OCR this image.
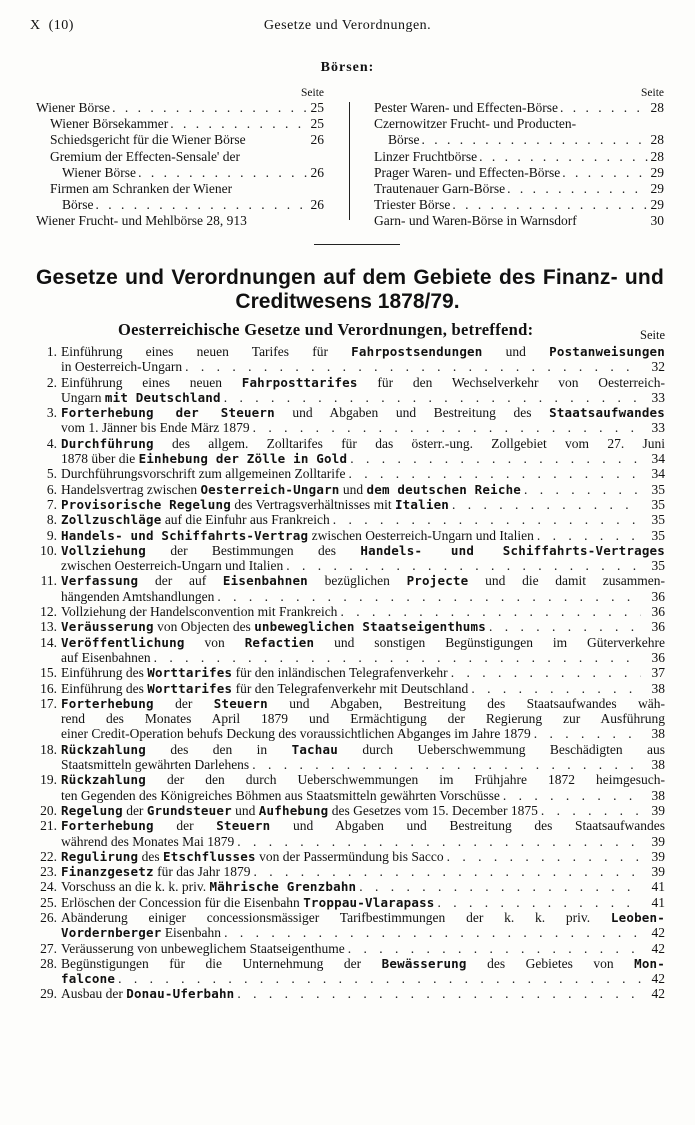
X (10)	Gesetze und Verordnungen.
Börsen:
Seite
Wiener Börse . . .	25
Wiener Börsekammer . . .	25
Schiedsgericht für die Wiener Börse	26
Gremium der Effecten-Sensale' der
Wiener Börse . . .	26
Firmen am Schranken der Wiener
Börse . . .	26
Wiener Frucht- und Mehlbörse 28, 913
Seite
Pester Waren- und Effecten-Börse . . .	28
Czernowitzer Frucht- und Producten-
Börse . . .	28
Linzer Fruchtbörse . . .	28
Prager Waren- und Effecten-Börse . . .	29
Trautenauer Garn-Börse . . .	29
Triester Börse . . .	29
Garn- und Waren-Börse in Warnsdorf	30
Gesetze und Verordnungen auf dem Gebiete des Finanz- und
Creditwesens 1878/79.
Oesterreichische Gesetze und Verordnungen, betreffend:	Seite
1. Einführung eines neuen Tarifes für Fahrpostsendungen und Postanweisungen
in Oesterreich-Ungarn . . .	32
2. Einführung eines neuen Fahrposttarifes für den Wechselverkehr von Oesterreich-
Ungarn mit Deutschland . . .	33
3. Forterhebung der Steuern und Abgaben und Bestreitung des Staatsaufwandes
vom 1. Jänner bis Ende März 1879 . . .	33
4. Durchführung des allgem. Zolltarifes für das österr.-ung. Zollgebiet vom 27. Juni
1878 über die Einhebung der Zölle in Gold . . .	34
5. Durchführungsvorschrift zum allgemeinen Zolltarife . . .	34
6. Handelsvertrag zwischen Oesterreich-Ungarn und dem deutschen Reiche . . .	35
7. Provisorische Regelung des Vertragsverhältnisses mit Italien . . .	35
8. Zollzuschläge auf die Einfuhr aus Frankreich . . .	35
9. Handels- und Schiffahrts-Vertrag zwischen Oesterreich-Ungarn und Italien . . .	35
10. Vollziehung der Bestimmungen des Handels- und Schiffahrts-Vertrages
zwischen Oesterreich-Ungarn und Italien . . .	35
11. Verfassung der auf Eisenbahnen bezüglichen Projecte und die damit zusammen-
hängenden Amtshandlungen . . .	36
12. Vollziehung der Handelsconvention mit Frankreich . . .	36
13. Veräusserung von Objecten des unbeweglichen Staatseigenthums . . .	36
14. Veröffentlichung von Refactien und sonstigen Begünstigungen im Güterverkehre
auf Eisenbahnen . . .	36
15. Einführung des Worttarifes für den inländischen Telegrafenverkehr . . .	37
16. Einführung des Worttarifes für den Telegrafenverkehr mit Deutschland . . .	38
17. Forterhebung der Steuern und Abgaben, Bestreitung des Staatsaufwandes wäh-
rend des Monates April 1879 und Ermächtigung der Regierung zur Ausführung
einer Credit-Operation behufs Deckung des voraussichtlichen Abganges im Jahre 1879 . . .	38
18. Rückzahlung des den in Tachau durch Ueberschwemmung Beschädigten aus
Staatsmitteln gewährten Darlehens . . .	38
19. Rückzahlung der den durch Ueberschwemmungen im Frühjahre 1872 heimgesuch-
ten Gegenden des Königreiches Böhmen aus Staatsmitteln gewährten Vorschüsse . . .	38
20. Regelung der Grundsteuer und Aufhebung des Gesetzes vom 15. December 1875 . . .	39
21. Forterhebung der Steuern und Abgaben und Bestreitung des Staatsaufwandes
während des Monates Mai 1879 . . .	39
22. Regulirung des Etschflusses von der Passermündung bis Sacco . . .	39
23. Finanzgesetz für das Jahr 1879 . . .	39
24. Vorschuss an die k. k. priv. Mährische Grenzbahn . . .	41
25. Erlöschen der Concession für die Eisenbahn Troppau-Vlarapass . . .	41
26. Abänderung einiger concessionsmässiger Tarifbestimmungen der k. k. priv. Leoben-
Vordernberger Eisenbahn . . .	42
27. Veräusserung von unbeweglichem Staatseigenthume . . .	42
28. Begünstigungen für die Unternehmung der Bewässerung des Gebietes von Mon-
falcone . . .	42
29. Ausbau der Donau-Uferbahn . . .	42
